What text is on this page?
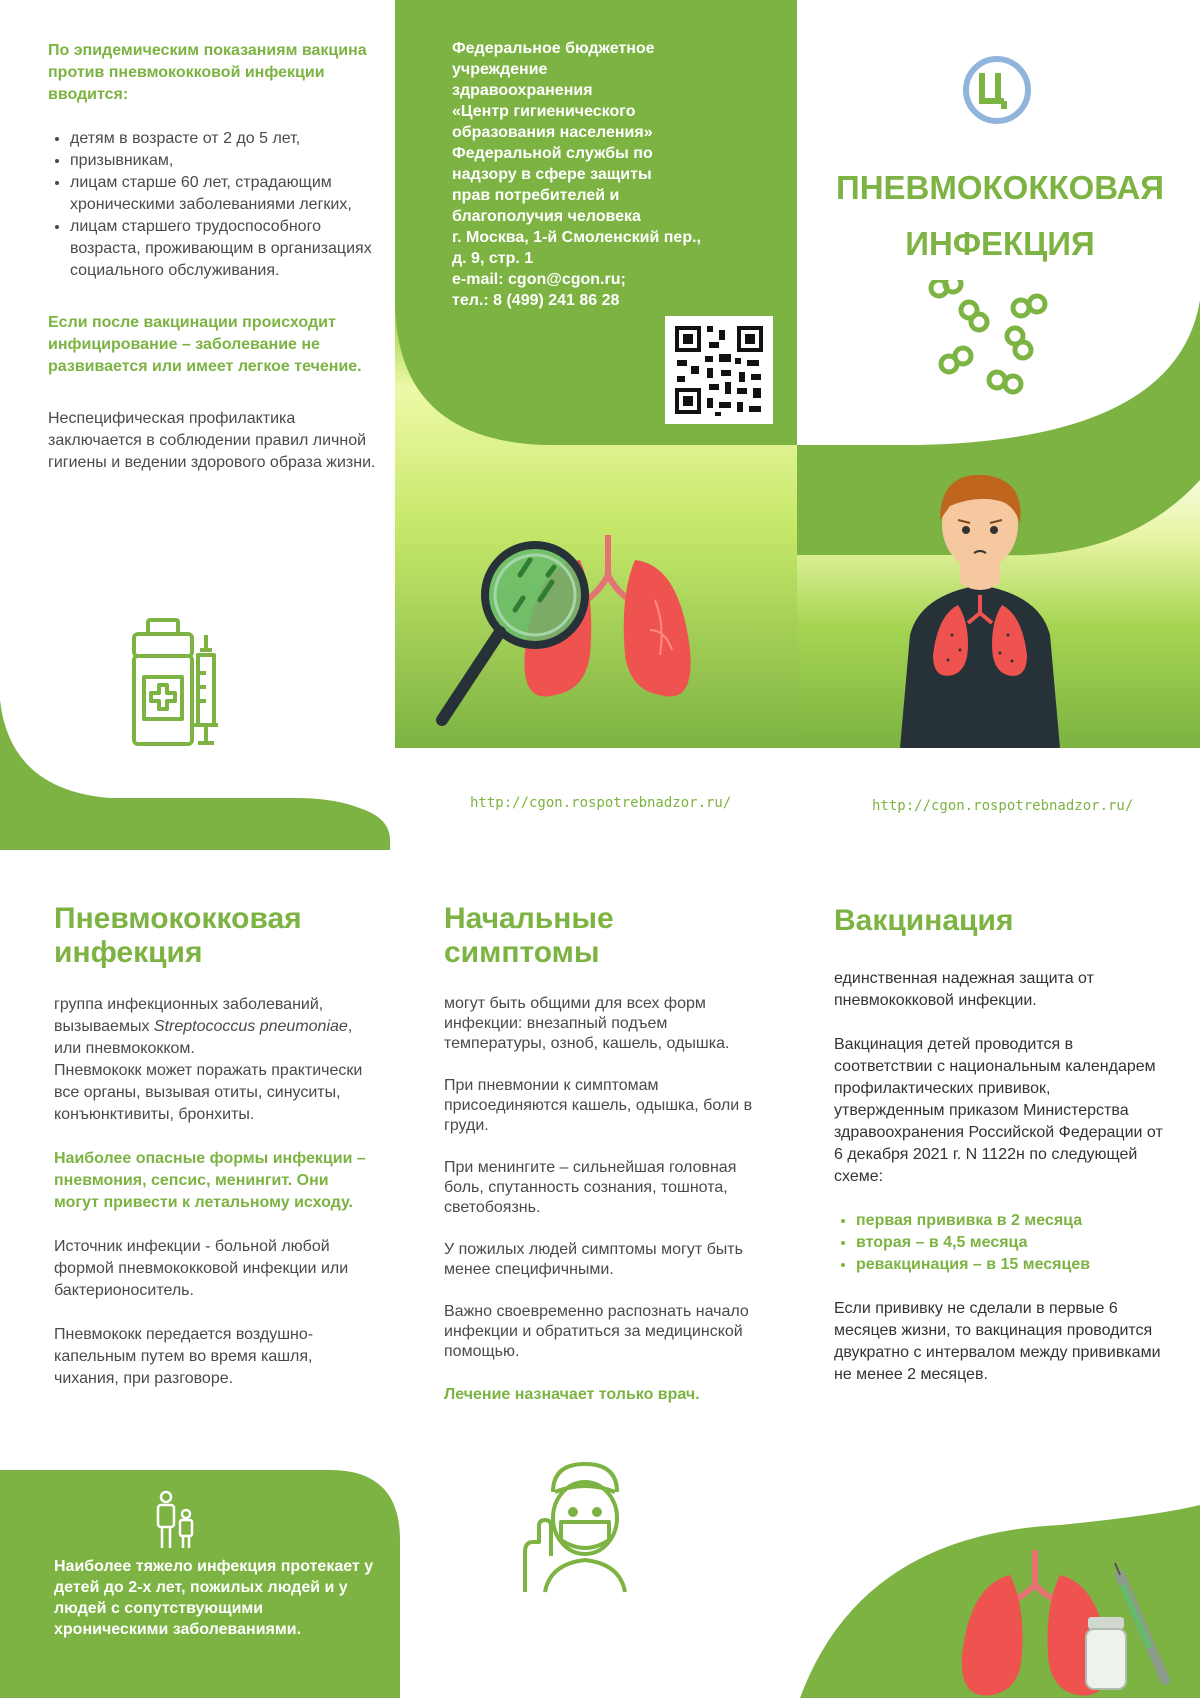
По эпидемическим показаниям вакцина против пневмококковой инфекции вводится:

• детям в возрасте от 2 до 5 лет,
• призывникам,
• лицам старше 60 лет, страдающим хроническими заболеваниями легких,
• лицам старшего трудоспособного возраста, проживающим в организациях социального обслуживания.

Если после вакцинации происходит инфицирование – заболевание не развивается или имеет легкое течение.

Неспецифическая профилактика заключается в соблюдении правил личной гигиены и ведении здорового образа жизни.

Федеральное бюджетное
учреждение
здравоохранения
«Центр гигиенического
образования населения»
Федеральной службы по
надзору в сфере защиты
прав потребителей и
благополучия человека
г. Москва, 1-й Смоленский пер.,
д. 9, стр. 1
e-mail: cgon@cgon.ru;
тел.: 8 (499) 241 86 28
http://cgon.rospotrebnadzor.ru/
ПНЕВМОКОККОВАЯ
ИНФЕКЦИЯ
http://cgon.rospotrebnadzor.ru/
Пневмококковая
инфекция

группа инфекционных заболеваний, вызываемых Streptococcus pneumoniae, или пневмококком.

Пневмококк может поражать практически все органы, вызывая отиты, синуситы, конъюнктивиты, бронхиты.

Наиболее опасные формы инфекции – пневмония, сепсис, менингит. Они могут привести к летальному исходу.

Источник инфекции - больной любой формой пневмококковой инфекции или бактерионоситель.

Пневмококк передается воздушно-капельным путем во время кашля, чихания, при разговоре.

Наиболее тяжело инфекция протекает у детей до 2-х лет, пожилых людей и у людей с сопутствующими хроническими заболеваниями.
Начальные
симптомы

могут быть общими для всех форм инфекции: внезапный подъем температуры, озноб, кашель, одышка.

При пневмонии к симптомам присоединяются кашель, одышка, боли в груди.

При менингите – сильнейшая головная боль, спутанность сознания, тошнота, светобоязнь.

У пожилых людей симптомы могут быть менее специфичными.

Важно своевременно распознать начало инфекции и обратиться за медицинской помощью.

Лечение назначает только врач.

Вакцинация

единственная надежная защита от пневмококковой инфекции.

Вакцинация детей проводится в соответствии с национальным календарем профилактических прививок, утвержденным приказом Министерства здравоохранения Российской Федерации от 6 декабря 2021 г. N 1122н по следующей схеме:

• первая прививка в 2 месяца
• вторая – в 4,5 месяца
• ревакцинация – в 15 месяцев

Если прививку не сделали в первые 6 месяцев жизни, то вакцинация проводится двукратно с интервалом между прививками не менее 2 месяцев.
